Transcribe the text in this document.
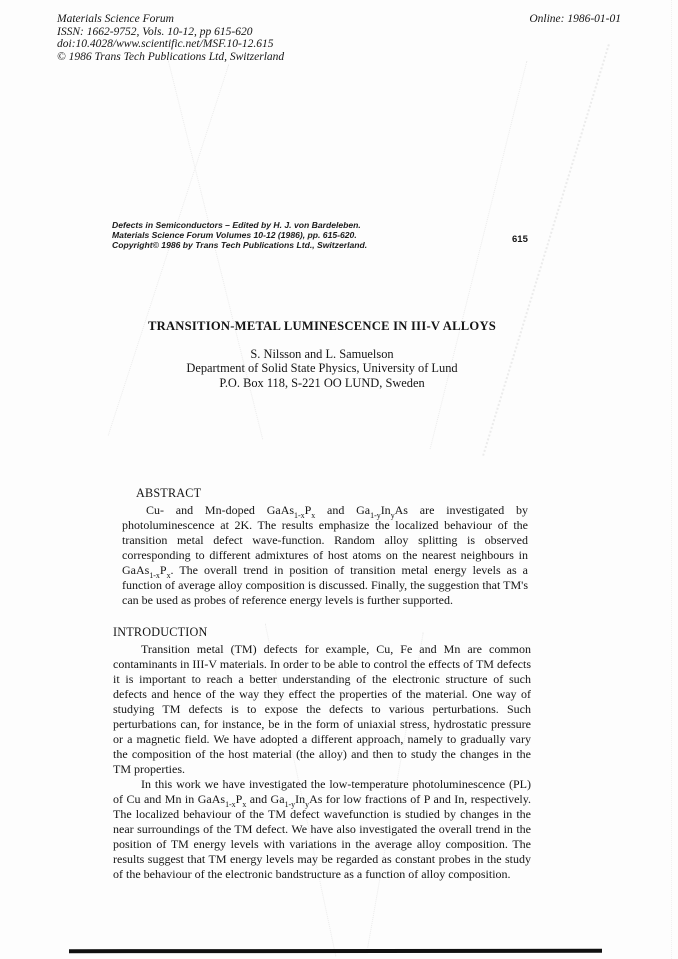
Materials Science Forum
ISSN: 1662-9752, Vols. 10-12, pp 615-620
doi:10.4028/www.scientific.net/MSF.10-12.615
© 1986 Trans Tech Publications Ltd, Switzerland
Online: 1986-01-01
Defects in Semiconductors – Edited by H. J. von Bardeleben.
Materials Science Forum Volumes 10-12 (1986), pp. 615-620.
Copyright© 1986 by Trans Tech Publications Ltd., Switzerland.
615
TRANSITION-METAL LUMINESCENCE IN III-V ALLOYS
S. Nilsson and L. Samuelson
Department of Solid State Physics, University of Lund
P.O. Box 118, S-221 OO LUND, Sweden
ABSTRACT

Cu- and Mn-doped $GaAs_{1-x}P_x$ and $Ga_{1-y}In_yAs$ are investigated by photoluminescence at 2K. The results emphasize the localized behaviour of the transition metal defect wave-function. Random alloy splitting is observed corresponding to different admixtures of host atoms on the nearest neighbours in $GaAs_{1-x}P_x$. The overall trend in position of transition metal energy levels as a function of average alloy composition is discussed. Finally, the suggestion that TM's can be used as probes of reference energy levels is further supported.

INTRODUCTION

Transition metal (TM) defects for example, Cu, Fe and Mn are common contaminants in III-V materials. In order to be able to control the effects of TM defects it is important to reach a better understanding of the electronic structure of such defects and hence of the way they effect the properties of the material. One way of studying TM defects is to expose the defects to various perturbations. Such perturbations can, for instance, be in the form of uniaxial stress, hydrostatic pressure or a magnetic field. We have adopted a different approach, namely to gradually vary the composition of the host material (the alloy) and then to study the changes in the TM properties.

In this work we have investigated the low-temperature photoluminescence (PL) of Cu and Mn in $GaAs_{1-x}P_x$ and $Ga_{1-y}In_yAs$ for low fractions of P and In, respectively. The localized behaviour of the TM defect wavefunction is studied by changes in the near surroundings of the TM defect. We have also investigated the overall trend in the position of TM energy levels with variations in the average alloy composition. The results suggest that TM energy levels may be regarded as constant probes in the study of the behaviour of the electronic bandstructure as a function of alloy composition.
